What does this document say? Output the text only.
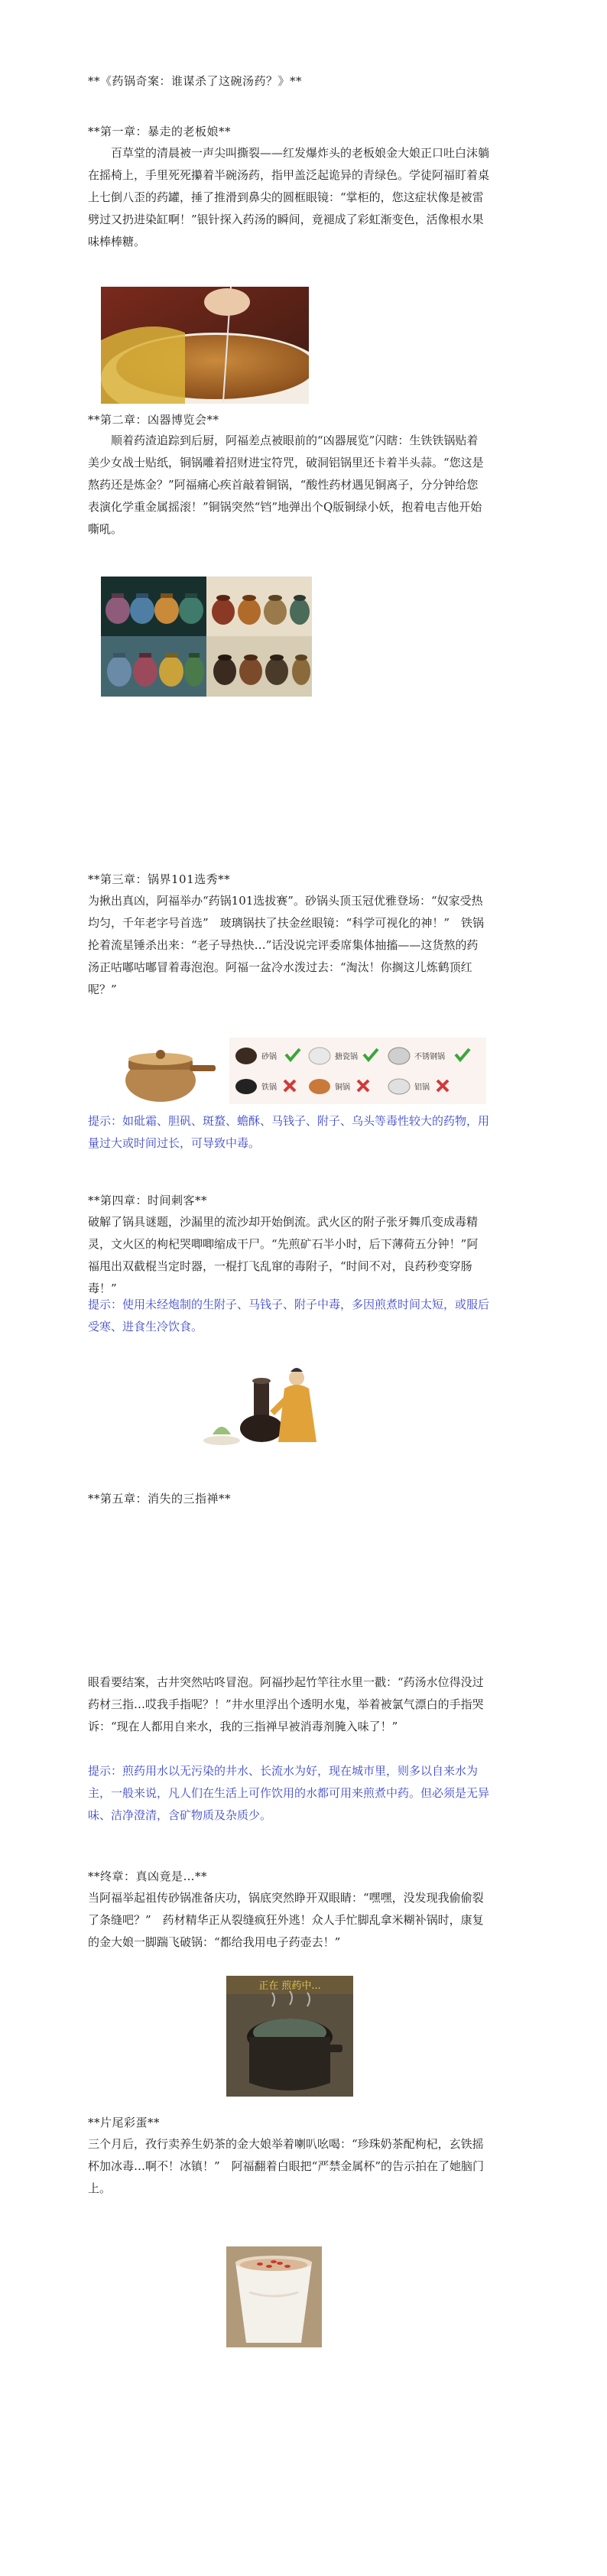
**《药锅奇案：谁谋杀了这碗汤药？》**

**第一章：暴走的老板娘**

百草堂的清晨被一声尖叫撕裂——红发爆炸头的老板娘金大娘正口吐白沫躺在摇椅上，手里死死攥着半碗汤药，指甲盖泛起诡异的青绿色。学徒阿福盯着桌上七倒八歪的药罐，捶了推滑到鼻尖的圆框眼镜：“掌柜的，您这症状像是被雷劈过又扔进染缸啊！”银针探入药汤的瞬间，竟褪成了彩虹渐变色，活像根水果味棒棒糖。

**第二章：凶器博览会**

顺着药渣追踪到后厨，阿福差点被眼前的“凶器展览”闪瞎：生铁铁锅贴着美少女战士贴纸，铜锅雕着招财进宝符咒，破洞铝锅里还卡着半头蒜。“您这是熬药还是炼金？”阿福痛心疾首敲着铜锅，“酸性药材遇见铜离子，分分钟给您表演化学重金属摇滚！”铜锅突然“铛”地弹出个Q版铜绿小妖，抱着电吉他开始嘶吼。

**第三章：锅界101选秀**

为揪出真凶，阿福举办“药锅101选拔赛”。砂锅头顶玉冠优雅登场：“奴家受热均匀，千年老字号首选”　玻璃锅扶了扶金丝眼镜：“科学可视化的神！”　铁锅抡着流星锤杀出来：“老子导热快…”话没说完评委席集体抽搐——这货熬的药汤正咕嘟咕嘟冒着毒泡泡。阿福一盆冷水泼过去：“淘汰！你搁这儿炼鹤顶红呢？”

砂锅	搪瓷锅	不锈钢锅
铁锅	铜锅	铝锅

提示：如砒霜、胆矾、斑蝥、蟾酥、马钱子、附子、乌头等毒性较大的药物，用量过大或时间过长，可导致中毒。

**第四章：时间刺客**

破解了锅具谜题，沙漏里的流沙却开始倒流。武火区的附子张牙舞爪变成毒精灵，文火区的枸杞哭唧唧缩成干尸。“先煎矿石半小时，后下薄荷五分钟！”阿福甩出双截棍当定时器，一棍打飞乱窜的毒附子，“时间不对，良药秒变穿肠毒！”

提示：使用未经炮制的生附子、马钱子、附子中毒，多因煎煮时间太短，或服后受寒、进食生冷饮食。

**第五章：消失的三指禅**

眼看要结案，古井突然咕咚冒泡。阿福抄起竹竿往水里一戳：“药汤水位得没过药材三指…哎我手指呢？！”井水里浮出个透明水鬼，举着被氯气漂白的手指哭诉：“现在人都用自来水，我的三指禅早被消毒剂腌入味了！”

提示：煎药用水以无污染的井水、长流水为好，现在城市里，则多以自来水为主，一般来说，凡人们在生活上可作饮用的水都可用来煎煮中药。但必须是无异味、洁净澄清，含矿物质及杂质少。

**终章：真凶竟是…**

当阿福举起祖传砂锅准备庆功，锅底突然睁开双眼睛：“嘿嘿，没发现我偷偷裂了条缝吧？”　药材精华正从裂缝疯狂外逃！众人手忙脚乱拿米糊补锅时，康复的金大娘一脚踹飞破锅：“都给我用电子药壶去！”

正在 煎药中...

**片尾彩蛋**

三个月后，孜行卖养生奶茶的金大娘举着喇叭吆喝：“珍珠奶茶配枸杞，玄铁摇杯加冰毒…啊不！冰镇！”　阿福翻着白眼把“严禁金属杯”的告示拍在了她脑门上。
